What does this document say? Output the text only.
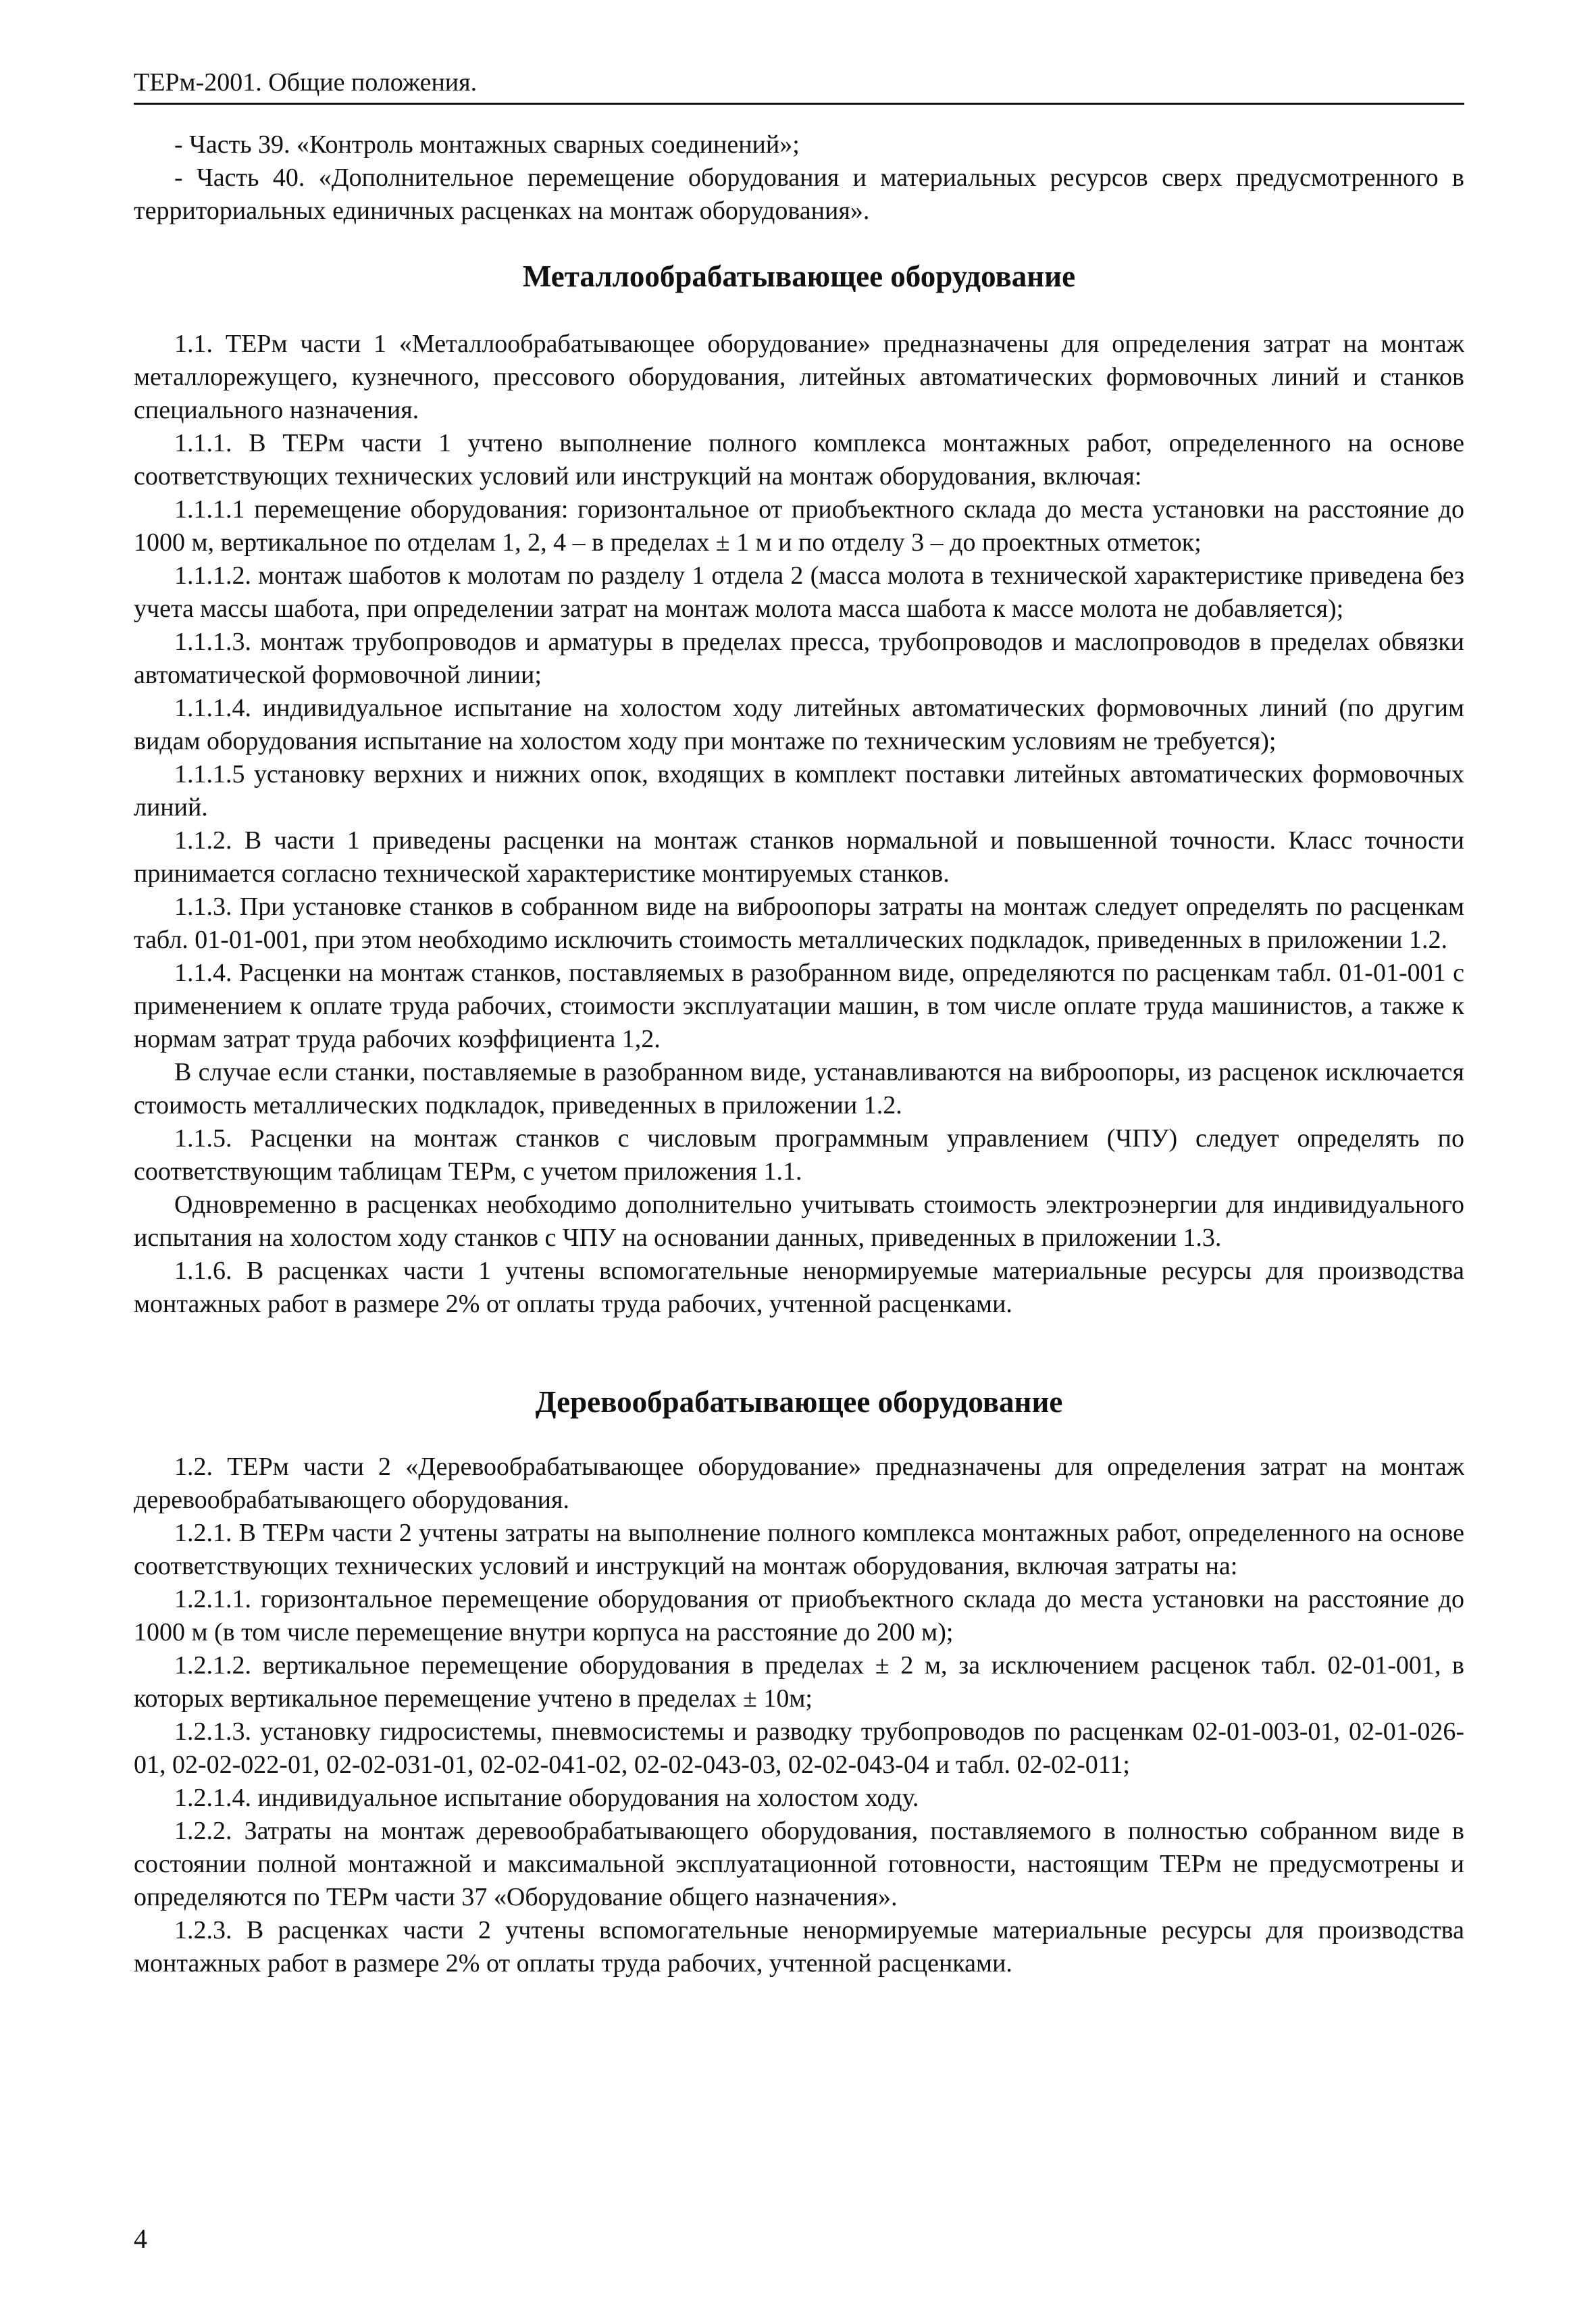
ТЕРм-2001. Общие положения.

- Часть 39. «Контроль монтажных сварных соединений»;

- Часть 40. «Дополнительное перемещение оборудования и материальных ресурсов сверх предусмотренного в территориальных единичных расценках на монтаж оборудования».

Металлообрабатывающее оборудование

1.1. ТЕРм части 1 «Металлообрабатывающее оборудование» предназначены для определения затрат на монтаж металлорежущего, кузнечного, прессового оборудования, литейных автоматических формовочных линий и станков специального назначения.

1.1.1. В ТЕРм части 1 учтено выполнение полного комплекса монтажных работ, определенного на основе соответствующих технических условий или инструкций на монтаж оборудования, включая:

1.1.1.1 перемещение оборудования: горизонтальное от приобъектного склада до места установки на расстояние до 1000 м, вертикальное по отделам 1, 2, 4 – в пределах ± 1 м и по отделу 3 – до проектных отметок;

1.1.1.2. монтаж шаботов к молотам по разделу 1 отдела 2 (масса молота в технической характеристике приведена без учета массы шабота, при определении затрат на монтаж молота масса шабота к массе молота не добавляется);

1.1.1.3. монтаж трубопроводов и арматуры в пределах пресса, трубопроводов и маслопроводов в пределах обвязки автоматической формовочной линии;

1.1.1.4. индивидуальное испытание на холостом ходу литейных автоматических формовочных линий (по другим видам оборудования испытание на холостом ходу при монтаже по техническим условиям не требуется);

1.1.1.5 установку верхних и нижних опок, входящих в комплект поставки литейных автоматических формовочных линий.

1.1.2. В части 1 приведены расценки на монтаж станков нормальной и повышенной точности. Класс точности принимается согласно технической характеристике монтируемых станков.

1.1.3. При установке станков в собранном виде на виброопоры затраты на монтаж следует определять по расценкам табл. 01-01-001, при этом необходимо исключить стоимость металлических подкладок, приведенных в приложении 1.2.

1.1.4. Расценки на монтаж станков, поставляемых в разобранном виде, определяются по расценкам табл. 01-01-001 с применением к оплате труда рабочих, стоимости эксплуатации машин, в том числе оплате труда машинистов, а также к нормам затрат труда рабочих коэффициента 1,2.

В случае если станки, поставляемые в разобранном виде, устанавливаются на виброопоры, из расценок исключается стоимость металлических подкладок, приведенных в приложении 1.2.

1.1.5. Расценки на монтаж станков с числовым программным управлением (ЧПУ) следует определять по соответствующим таблицам ТЕРм, с учетом приложения 1.1.

Одновременно в расценках необходимо дополнительно учитывать стоимость электроэнергии для индивидуального испытания на холостом ходу станков с ЧПУ на основании данных, приведенных в приложении 1.3.

1.1.6. В расценках части 1 учтены вспомогательные ненормируемые материальные ресурсы для производства монтажных работ в размере 2% от оплаты труда рабочих, учтенной расценками.

Деревообрабатывающее оборудование

1.2. ТЕРм части 2 «Деревообрабатывающее оборудование» предназначены для определения затрат на монтаж деревообрабатывающего оборудования.

1.2.1. В ТЕРм части 2 учтены затраты на выполнение полного комплекса монтажных работ, определенного на основе соответствующих технических условий и инструкций на монтаж оборудования, включая затраты на:

1.2.1.1. горизонтальное перемещение оборудования от приобъектного склада до места установки на расстояние до 1000 м (в том числе перемещение внутри корпуса на расстояние до 200 м);

1.2.1.2. вертикальное перемещение оборудования в пределах ± 2 м, за исключением расценок табл. 02-01-001, в которых вертикальное перемещение учтено в пределах ± 10м;

1.2.1.3. установку гидросистемы, пневмосистемы и разводку трубопроводов по расценкам 02-01-003-01, 02-01-026-01, 02-02-022-01, 02-02-031-01, 02-02-041-02, 02-02-043-03, 02-02-043-04 и табл. 02-02-011;

1.2.1.4. индивидуальное испытание оборудования на холостом ходу.

1.2.2. Затраты на монтаж деревообрабатывающего оборудования, поставляемого в полностью собранном виде в состоянии полной монтажной и максимальной эксплуатационной готовности, настоящим ТЕРм не предусмотрены и определяются по ТЕРм части 37 «Оборудование общего назначения».

1.2.3. В расценках части 2 учтены вспомогательные ненормируемые материальные ресурсы для производства монтажных работ в размере 2% от оплаты труда рабочих, учтенной расценками.

4
